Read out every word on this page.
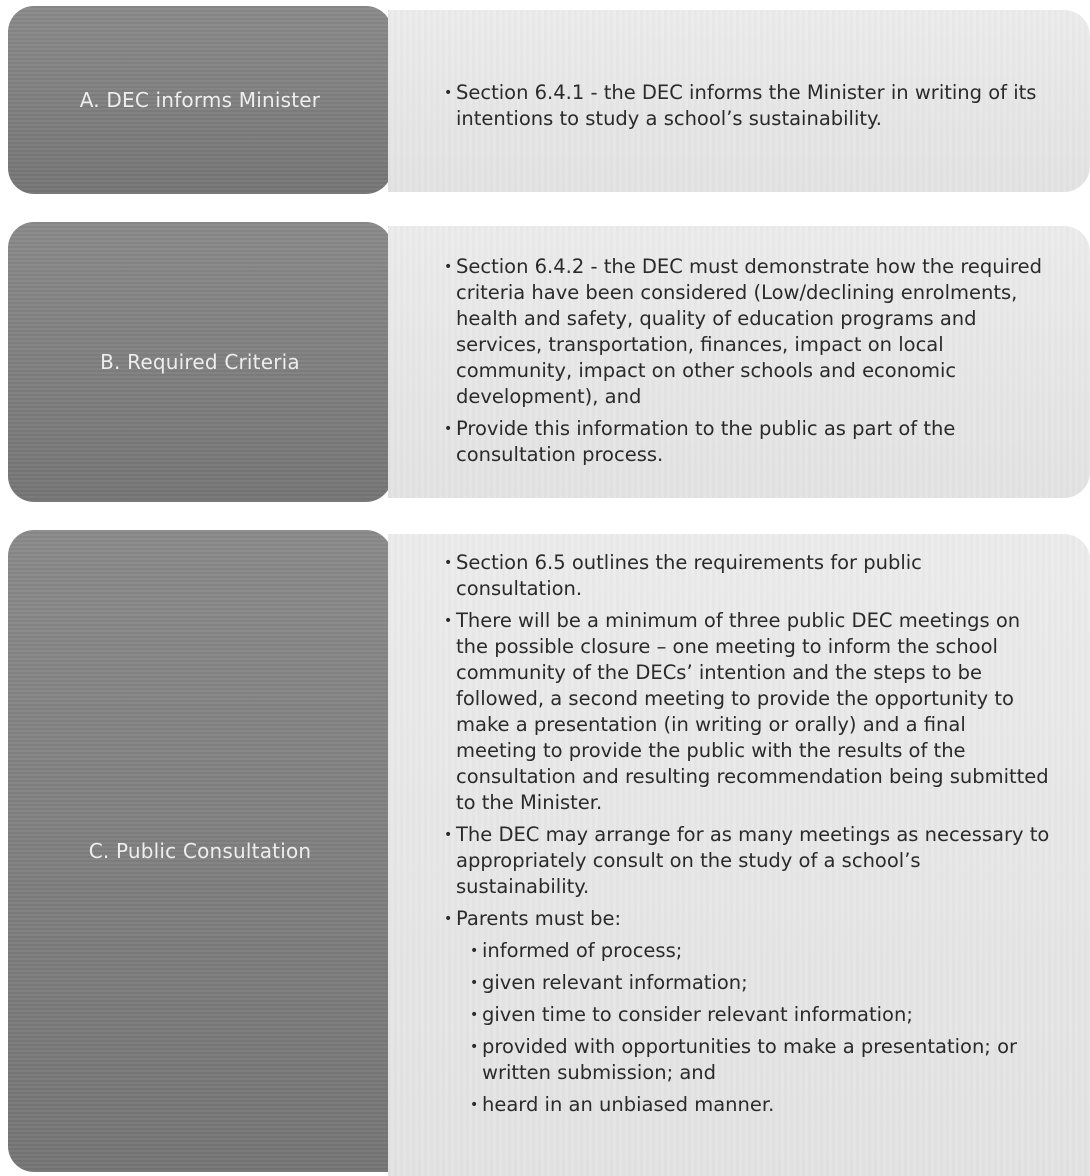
A. DEC informs Minister	• Section 6.4.1 - the DEC informs the Minister in writing of its intentions to study a school’s sustainability.
B. Required Criteria
• Section 6.4.2 - the DEC must demonstrate how the required criteria have been considered (Low/declining enrolments, health and safety, quality of education programs and services, transportation, finances, impact on local community, impact on other schools and economic development), and
• Provide this information to the public as part of the consultation process.
C. Public Consultation
• Section 6.5 outlines the requirements for public consultation.
• There will be a minimum of three public DEC meetings on the possible closure – one meeting to inform the school community of the DECs’ intention and the steps to be followed, a second meeting to provide the opportunity to make a presentation (in writing or orally) and a final meeting to provide the public with the results of the consultation and resulting recommendation being submitted to the Minister.
• The DEC may arrange for as many meetings as necessary to appropriately consult on the study of a school’s sustainability.
• Parents must be:
• informed of process;
• given relevant information;
• given time to consider relevant information;
• provided with opportunities to make a presentation; or written submission; and
• heard in an unbiased manner.
